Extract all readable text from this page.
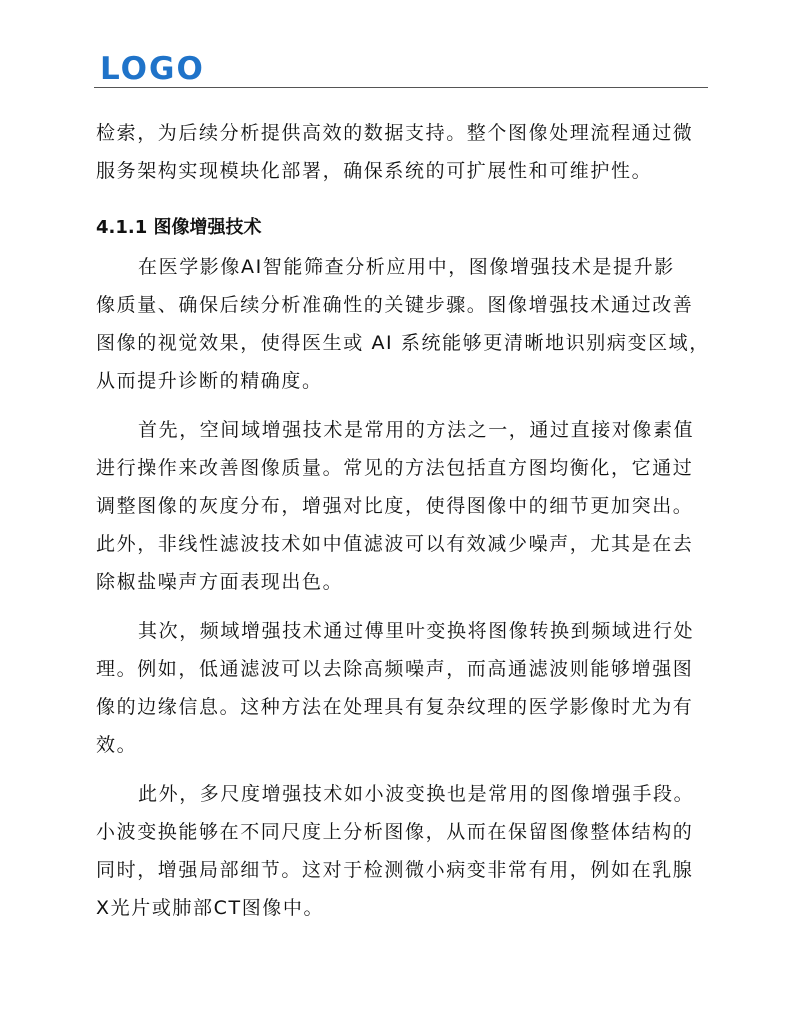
LOGO
检索，为后续分析提供高效的数据支持。整个图像处理流程通过微
服务架构实现模块化部署，确保系统的可扩展性和可维护性。
4.1.1 图像增强技术
在医学影像AI智能筛查分析应用中，图像增强技术是提升影
像质量、确保后续分析准确性的关键步骤。图像增强技术通过改善
图像的视觉效果，使得医生或 AI 系统能够更清晰地识别病变区域，
从而提升诊断的精确度。
首先，空间域增强技术是常用的方法之一，通过直接对像素值
进行操作来改善图像质量。常见的方法包括直方图均衡化，它通过
调整图像的灰度分布，增强对比度，使得图像中的细节更加突出。
此外，非线性滤波技术如中值滤波可以有效减少噪声，尤其是在去
除椒盐噪声方面表现出色。
其次，频域增强技术通过傅里叶变换将图像转换到频域进行处
理。例如，低通滤波可以去除高频噪声，而高通滤波则能够增强图
像的边缘信息。这种方法在处理具有复杂纹理的医学影像时尤为有
效。
此外，多尺度增强技术如小波变换也是常用的图像增强手段。
小波变换能够在不同尺度上分析图像，从而在保留图像整体结构的
同时，增强局部细节。这对于检测微小病变非常有用，例如在乳腺
X光片或肺部CT图像中。
